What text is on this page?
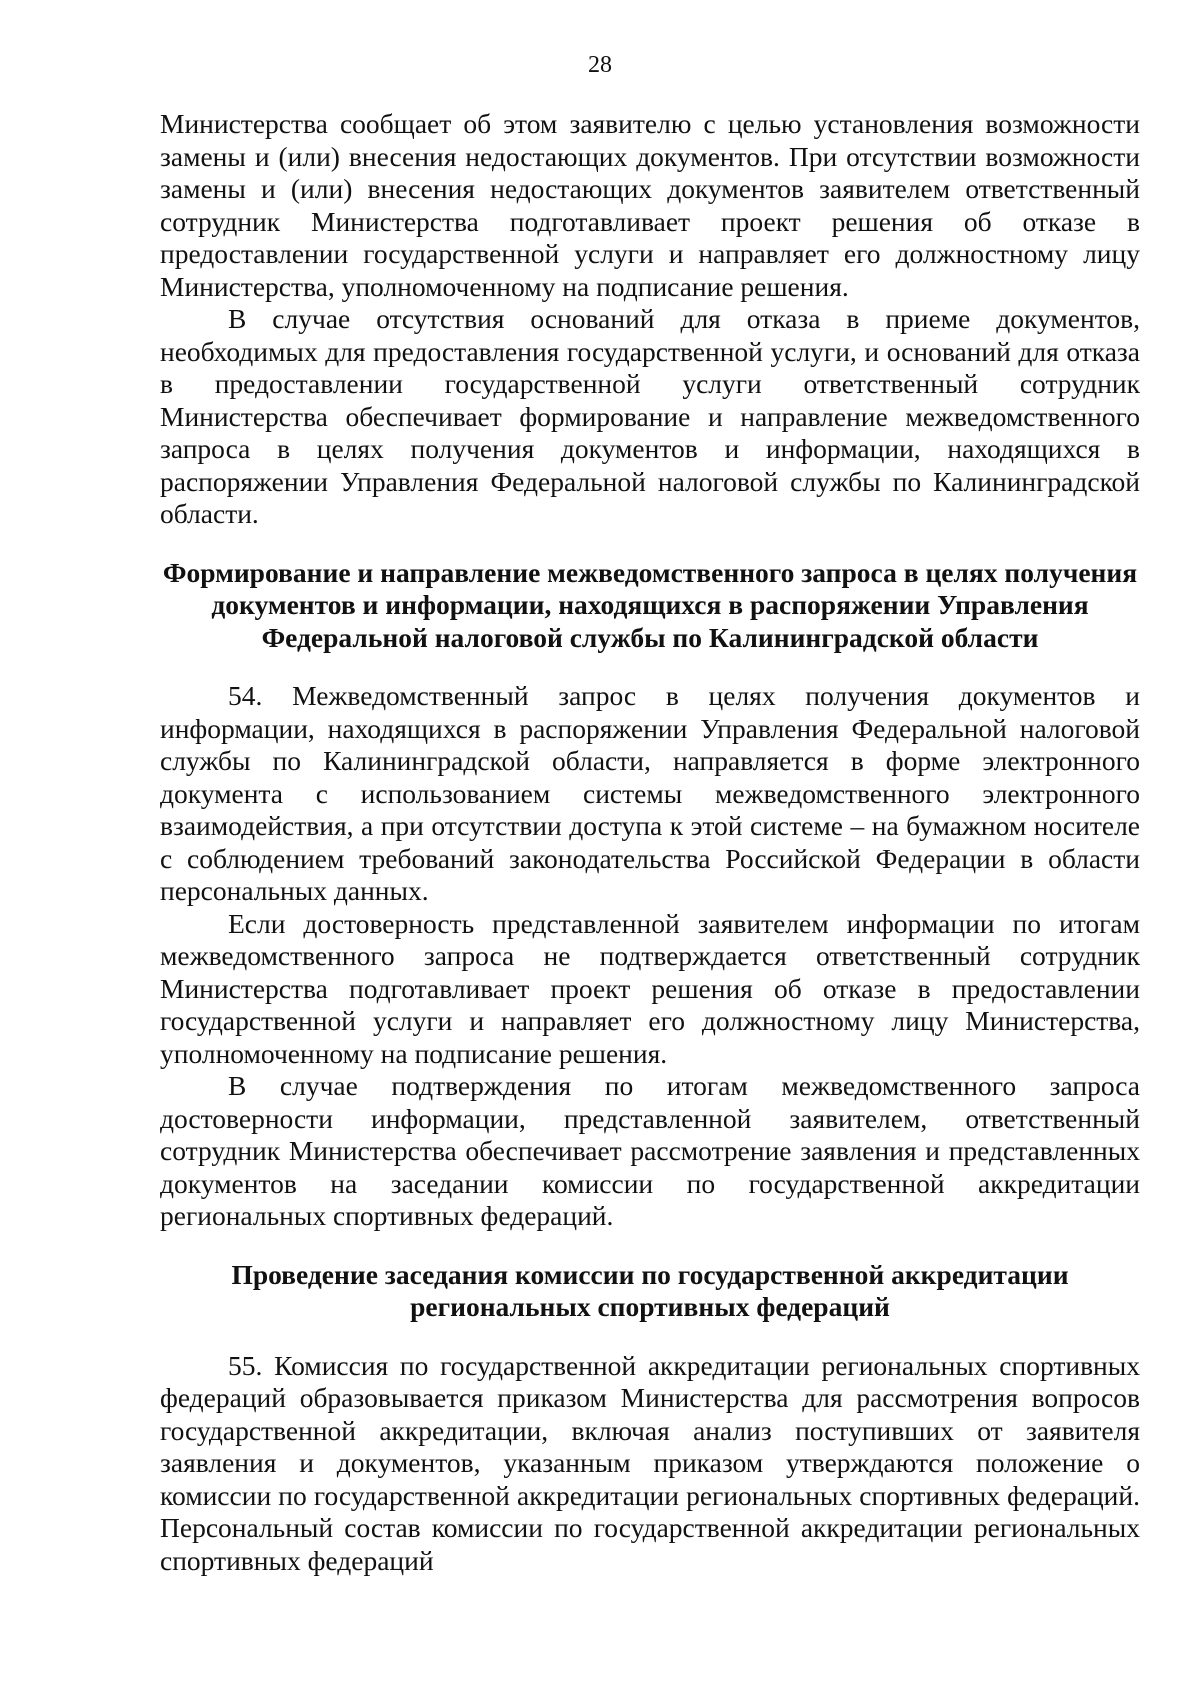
28

Министерства сообщает об этом заявителю с целью установления возможности замены и (или) внесения недостающих документов. При отсутствии возможности замены и (или) внесения недостающих документов заявителем ответственный сотрудник Министерства подготавливает проект решения об отказе в предоставлении государственной услуги и направляет его должностному лицу Министерства, уполномоченному на подписание решения.

В случае отсутствия оснований для отказа в приеме документов, необходимых для предоставления государственной услуги, и оснований для отказа в предоставлении государственной услуги ответственный сотрудник Министерства обеспечивает формирование и направление межведомственного запроса в целях получения документов и информации, находящихся в распоряжении Управления Федеральной налоговой службы по Калининградской области.

Формирование и направление межведомственного запроса в целях получения документов и информации, находящихся в распоряжении Управления Федеральной налоговой службы по Калининградской области

54. Межведомственный запрос в целях получения документов и информации, находящихся в распоряжении Управления Федеральной налоговой службы по Калининградской области, направляется в форме электронного документа с использованием системы межведомственного электронного взаимодействия, а при отсутствии доступа к этой системе – на бумажном носителе с соблюдением требований законодательства Российской Федерации в области персональных данных.

Если достоверность представленной заявителем информации по итогам межведомственного запроса не подтверждается ответственный сотрудник Министерства подготавливает проект решения об отказе в предоставлении государственной услуги и направляет его должностному лицу Министерства, уполномоченному на подписание решения.

В случае подтверждения по итогам межведомственного запроса достоверности информации, представленной заявителем, ответственный сотрудник Министерства обеспечивает рассмотрение заявления и представленных документов на заседании комиссии по государственной аккредитации региональных спортивных федераций.

Проведение заседания комиссии по государственной аккредитации региональных спортивных федераций

55. Комиссия по государственной аккредитации региональных спортивных федераций образовывается приказом Министерства для рассмотрения вопросов государственной аккредитации, включая анализ поступивших от заявителя заявления и документов, указанным приказом утверждаются положение о комиссии по государственной аккредитации региональных спортивных федераций. Персональный состав комиссии по государственной аккредитации региональных спортивных федераций
